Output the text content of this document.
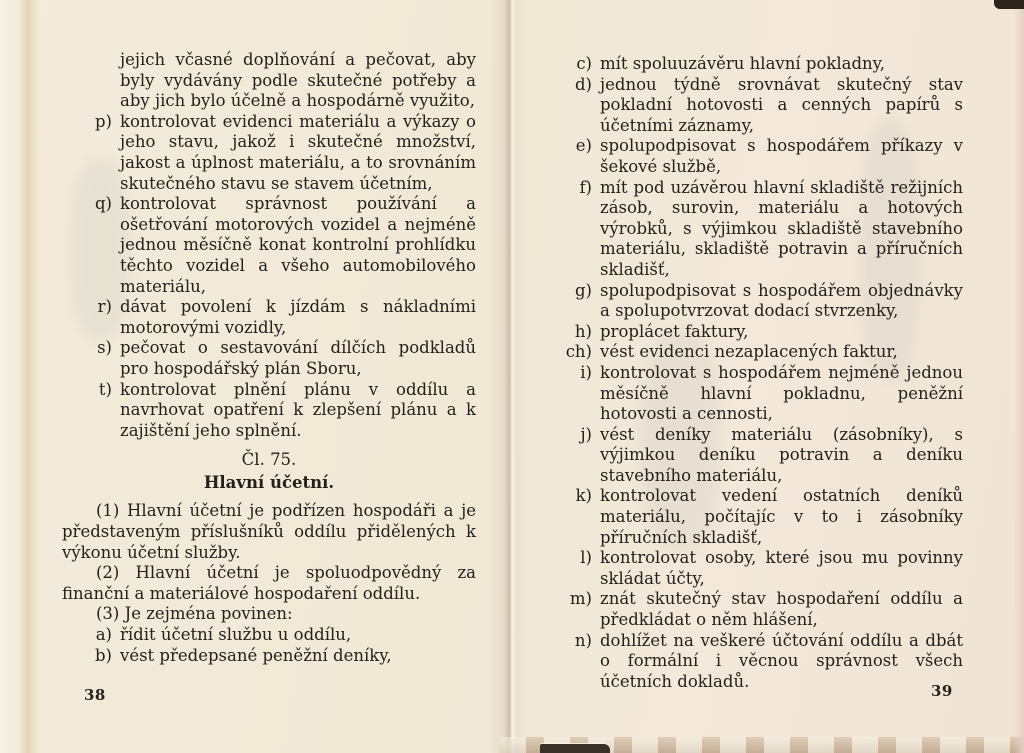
jejich včasné doplňování a pečovat, aby byly vydávány podle skutečné potřeby a aby jich bylo účelně a hospodárně využito,
p) kontrolovat evidenci materiálu a výkazy o jeho stavu, jakož i skutečné množství, jakost a úplnost materiálu, a to srovnáním skutečného stavu se stavem účetním,
q) kontrolovat správnost používání a ošetřování motorových vozidel a nejméně jednou měsíčně konat kontrolní prohlídku těchto vozidel a všeho automobilového materiálu,
r) dávat povolení k jízdám s nákladními motorovými vozidly,
s) pečovat o sestavování dílčích podkladů pro hospodářský plán Sboru,
t) kontrolovat plnění plánu v oddílu a navrhovat opatření k zlepšení plánu a k zajištění jeho splnění.
Čl. 75.
Hlavní účetní.

(1) Hlavní účetní je podřízen hospodáři a je představeným příslušníků oddílu přidělených k výkonu účetní služby.

(2) Hlavní účetní je spoluodpovědný za finanční a materiálové hospodaření oddílu.

(3) Je zejména povinen:

a) řídit účetní službu u oddílu,
b) vést předepsané peněžní deníky,
c) mít spoluuzávěru hlavní pokladny,
d) jednou týdně srovnávat skutečný stav pokladní hotovosti a cenných papírů s účetními záznamy,
e) spolupodpisovat s hospodářem příkazy v šekové službě,
f) mít pod uzávěrou hlavní skladiště režijních zásob, surovin, materiálu a hotových výrobků, s výjimkou skladiště stavebního materiálu, skladiště potravin a příručních skladišť,
g) spolupodpisovat s hospodářem objednávky a spolupotvrzovat dodací stvrzenky,
h) proplácet faktury,
ch) vést evidenci nezaplacených faktur,
i) kontrolovat s hospodářem nejméně jednou měsíčně hlavní pokladnu, peněžní hotovosti a cennosti,
j) vést deníky materiálu (zásobníky), s výjimkou deníku potravin a deníku stavebního materiálu,
k) kontrolovat vedení ostatních deníků materiálu, počítajíc v to i zásobníky příručních skladišť,
l) kontrolovat osoby, které jsou mu povinny skládat účty,
m) znát skutečný stav hospodaření oddílu a předkládat o něm hlášení,
n) dohlížet na veškeré účtování oddílu a dbát o formální i věcnou správnost všech účetních dokladů.
38	39
